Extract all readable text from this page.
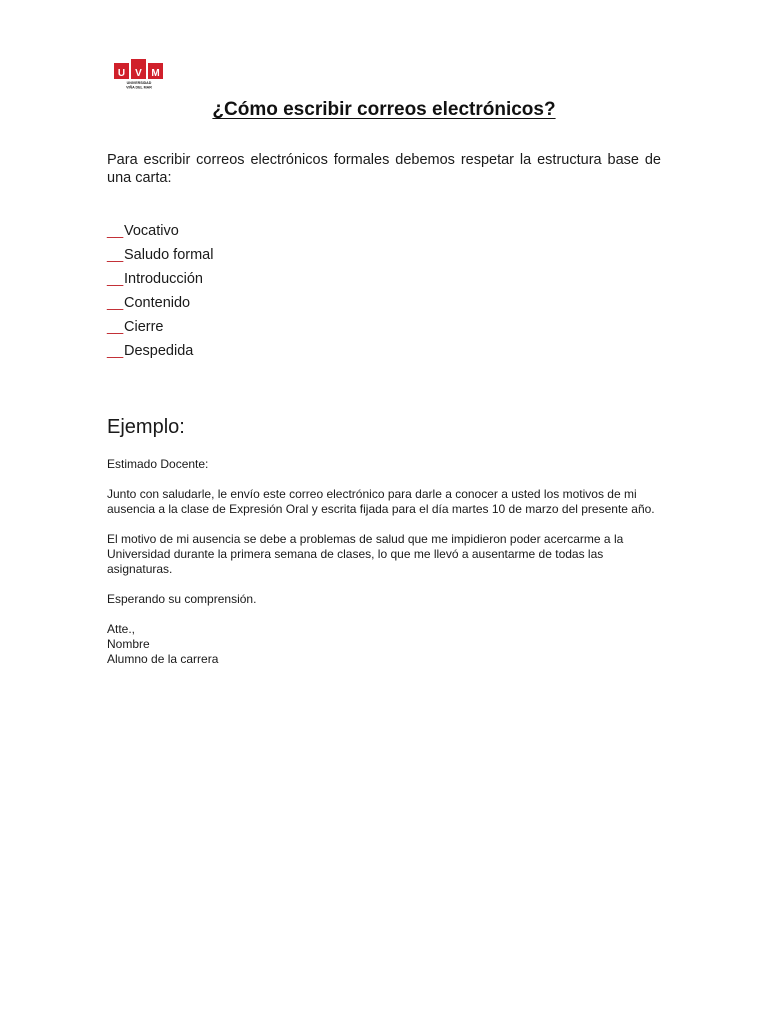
U V M
UNIVERSIDAD
VIÑA DEL MAR
¿Cómo escribir correos electrónicos?
Para escribir correos electrónicos formales debemos respetar la estructura base de una carta:
__ Vocativo
__ Saludo formal
__ Introducción
__ Contenido
__ Cierre
__ Despedida
Ejemplo:

Estimado Docente:

Junto con saludarle, le envío este correo electrónico para darle a conocer a usted los motivos de mi ausencia a la clase de Expresión Oral y escrita fijada para el día martes 10 de marzo del presente año.

El motivo de mi ausencia se debe a problemas de salud que me impidieron poder acercarme a la Universidad durante la primera semana de clases, lo que me llevó a ausentarme de todas las asignaturas.

Esperando su comprensión.

Atte.,
Nombre
Alumno de la carrera
